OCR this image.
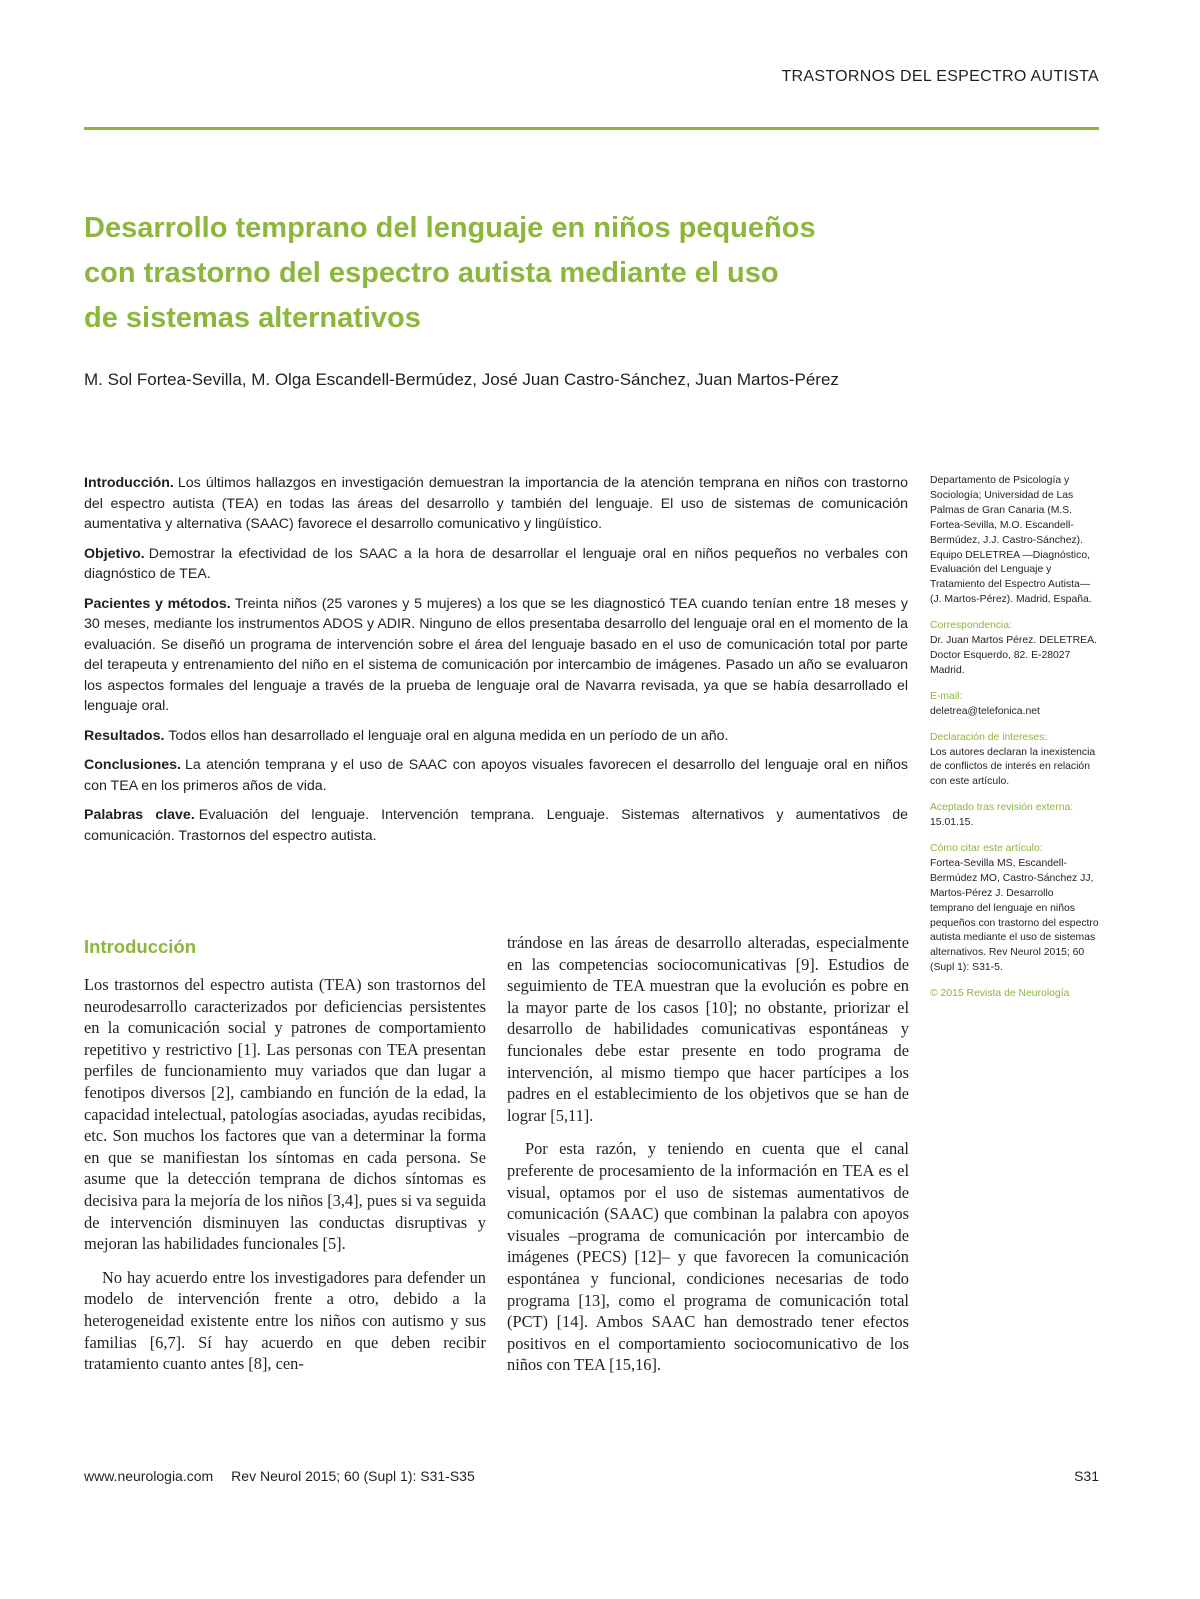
TRASTORNOS DEL ESPECTRO AUTISTA
Desarrollo temprano del lenguaje en niños pequeños
con trastorno del espectro autista mediante el uso
de sistemas alternativos
M. Sol Fortea-Sevilla, M. Olga Escandell-Bermúdez, José Juan Castro-Sánchez, Juan Martos-Pérez

Introducción. Los últimos hallazgos en investigación demuestran la importancia de la atención temprana en niños con trastorno del espectro autista (TEA) en todas las áreas del desarrollo y también del lenguaje. El uso de sistemas de comunicación aumentativa y alternativa (SAAC) favorece el desarrollo comunicativo y lingüístico.

Objetivo. Demostrar la efectividad de los SAAC a la hora de desarrollar el lenguaje oral en niños pequeños no verbales con diagnóstico de TEA.

Pacientes y métodos. Treinta niños (25 varones y 5 mujeres) a los que se les diagnosticó TEA cuando tenían entre 18 meses y 30 meses, mediante los instrumentos ADOS y ADIR. Ninguno de ellos presentaba desarrollo del lenguaje oral en el momento de la evaluación. Se diseñó un programa de intervención sobre el área del lenguaje basado en el uso de comunicación total por parte del terapeuta y entrenamiento del niño en el sistema de comunicación por intercambio de imágenes. Pasado un año se evaluaron los aspectos formales del lenguaje a través de la prueba de lenguaje oral de Navarra revisada, ya que se había desarrollado el lenguaje oral.

Resultados. Todos ellos han desarrollado el lenguaje oral en alguna medida en un período de un año.

Conclusiones. La atención temprana y el uso de SAAC con apoyos visuales favorecen el desarrollo del lenguaje oral en niños con TEA en los primeros años de vida.

Palabras clave. Evaluación del lenguaje. Intervención temprana. Lenguaje. Sistemas alternativos y aumentativos de comunicación. Trastornos del espectro autista.

Departamento de Psicología y Sociología; Universidad de Las Palmas de Gran Canaria (M.S. Fortea-Sevilla, M.O. Escandell-Bermúdez, J.J. Castro-Sánchez). Equipo DELETREA —Diagnóstico, Evaluación del Lenguaje y Tratamiento del Espectro Autista— (J. Martos-Pérez). Madrid, España.
Correspondencia:
Dr. Juan Martos Pérez. DELETREA. Doctor Esquerdo, 82. E-28027 Madrid.
E-mail:
deletrea@telefonica.net
Declaración de intereses:
Los autores declaran la inexistencia de conflictos de interés en relación con este artículo.
Aceptado tras revisión externa:
15.01.15.
Cómo citar este artículo:
Fortea-Sevilla MS, Escandell-Bermúdez MO, Castro-Sánchez JJ, Martos-Pérez J. Desarrollo temprano del lenguaje en niños pequeños con trastorno del espectro autista mediante el uso de sistemas alternativos. Rev Neurol 2015; 60 (Supl 1): S31-5.
© 2015 Revista de Neurología
Introducción

Los trastornos del espectro autista (TEA) son trastornos del neurodesarrollo caracterizados por deficiencias persistentes en la comunicación social y patrones de comportamiento repetitivo y restrictivo [1]. Las personas con TEA presentan perfiles de funcionamiento muy variados que dan lugar a fenotipos diversos [2], cambiando en función de la edad, la capacidad intelectual, patologías asociadas, ayudas recibidas, etc. Son muchos los factores que van a determinar la forma en que se manifiestan los síntomas en cada persona. Se asume que la detección temprana de dichos síntomas es decisiva para la mejoría de los niños [3,4], pues si va seguida de intervención disminuyen las conductas disruptivas y mejoran las habilidades funcionales [5].

No hay acuerdo entre los investigadores para defender un modelo de intervención frente a otro, debido a la heterogeneidad existente entre los niños con autismo y sus familias [6,7]. Sí hay acuerdo en que deben recibir tratamiento cuanto antes [8], cen-

trándose en las áreas de desarrollo alteradas, especialmente en las competencias sociocomunicativas [9]. Estudios de seguimiento de TEA muestran que la evolución es pobre en la mayor parte de los casos [10]; no obstante, priorizar el desarrollo de habilidades comunicativas espontáneas y funcionales debe estar presente en todo programa de intervención, al mismo tiempo que hacer partícipes a los padres en el establecimiento de los objetivos que se han de lograr [5,11].

Por esta razón, y teniendo en cuenta que el canal preferente de procesamiento de la información en TEA es el visual, optamos por el uso de sistemas aumentativos de comunicación (SAAC) que combinan la palabra con apoyos visuales –programa de comunicación por intercambio de imágenes (PECS) [12]– y que favorecen la comunicación espontánea y funcional, condiciones necesarias de todo programa [13], como el programa de comunicación total (PCT) [14]. Ambos SAAC han demostrado tener efectos positivos en el comportamiento sociocomunicativo de los niños con TEA [15,16].

www.neurologia.com Rev Neurol 2015; 60 (Supl 1): S31-S35	S31
